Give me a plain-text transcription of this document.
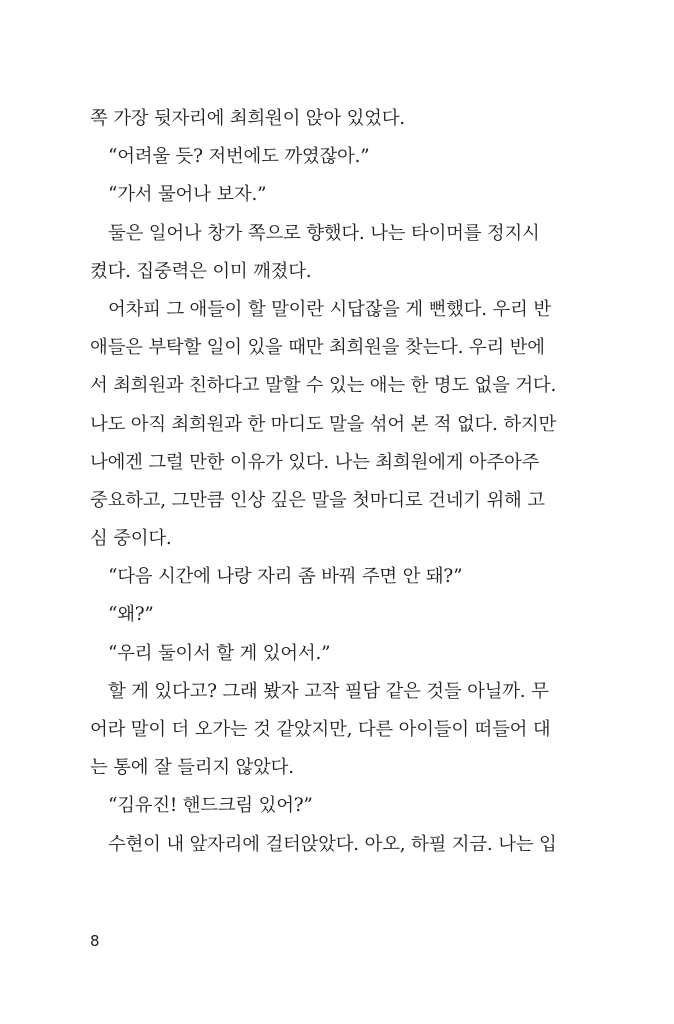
쪽 가장 뒷자리에 최희원이 앉아 있었다.
“어려울 듯? 저번에도 까였잖아.”
“가서 물어나 보자.”
둘은 일어나 창가 쪽으로 향했다. 나는 타이머를 정지시
켰다. 집중력은 이미 깨졌다.
어차피 그 애들이 할 말이란 시답잖을 게 뻔했다. 우리 반
애들은 부탁할 일이 있을 때만 최희원을 찾는다. 우리 반에
서 최희원과 친하다고 말할 수 있는 애는 한 명도 없을 거다.
나도 아직 최희원과 한 마디도 말을 섞어 본 적 없다. 하지만
나에겐 그럴 만한 이유가 있다. 나는 최희원에게 아주아주
중요하고, 그만큼 인상 깊은 말을 첫마디로 건네기 위해 고
심 중이다.
“다음 시간에 나랑 자리 좀 바꿔 주면 안 돼?”
“왜?”
“우리 둘이서 할 게 있어서.”
할 게 있다고? 그래 봤자 고작 필담 같은 것들 아닐까. 무
어라 말이 더 오가는 것 같았지만, 다른 아이들이 떠들어 대
는 통에 잘 들리지 않았다.
“김유진! 핸드크림 있어?”
수현이 내 앞자리에 걸터앉았다. 아오, 하필 지금. 나는 입
8
